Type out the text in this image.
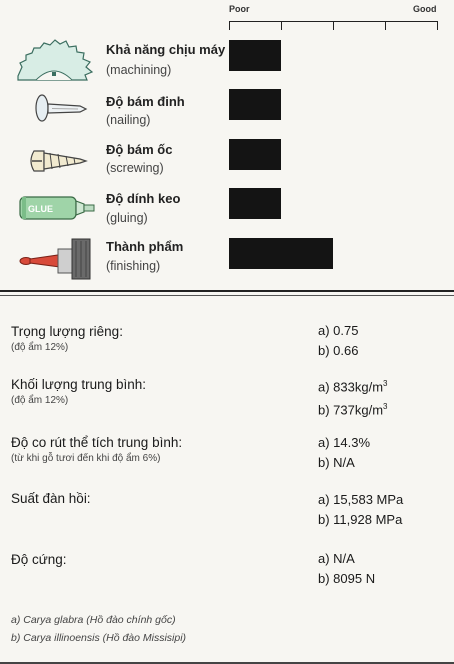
Poor	Good
Khả năng chịu máy
(machining)
Độ bám đinh
(nailing)
Độ bám ốc
(screwing)
GLUE
Độ dính keo
(gluing)
Thành phẩm
(finishing)
Trọng lượng riêng:
(độ ẩm 12%)
a) 0.75
b) 0.66
Khối lượng trung bình:
(độ ẩm 12%)
a) $833kg/m^3$
b) $737kg/m^3$
Độ co rút thể tích trung bình:
(từ khi gỗ tươi đến khi độ ẩm 6%)
a) 14.3%
b) N/A
Suất đàn hồi:	a) 15,583 MPa
b) 11,928 MPa
Độ cứng:	a) N/A
b) 8095 N
a) Carya glabra (Hồ đào chính gốc)
b) Carya illinoensis (Hồ đào Missisipi)
